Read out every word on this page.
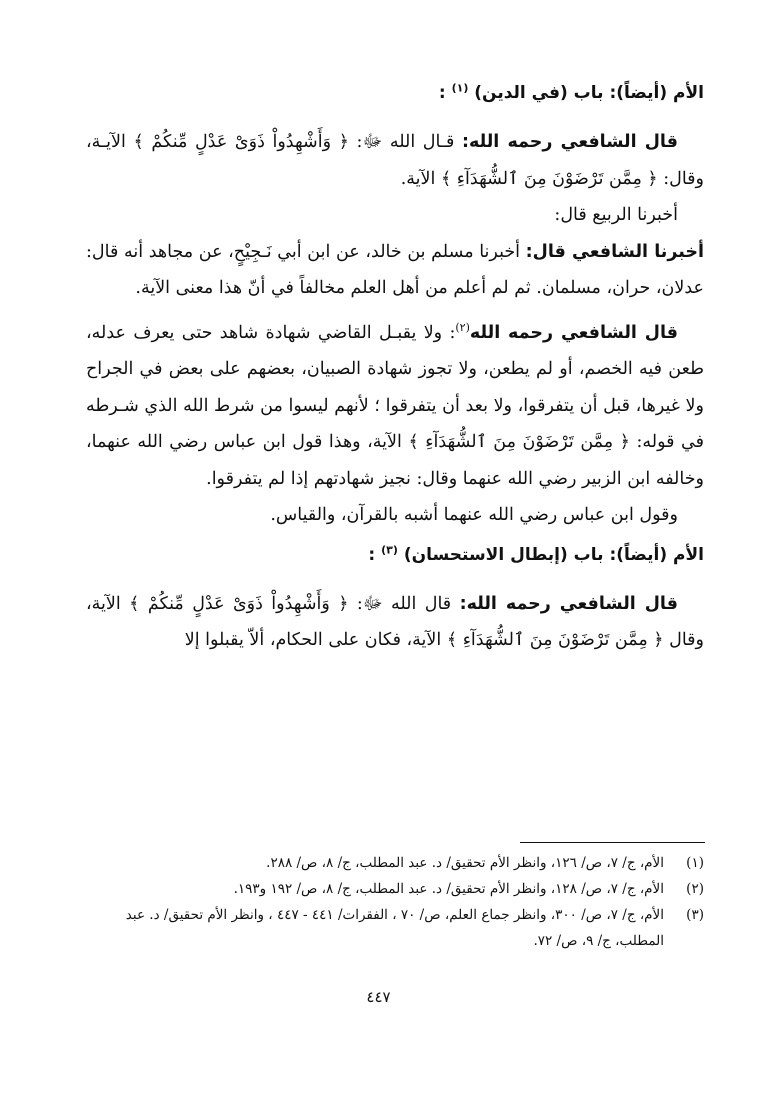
الأم (أيضاً): باب (في الدين) $^{(١)}$ :

قال الشافعي رحمه الله: قـال الله ﷻ: ﴿ وَأَشْهِدُواْ ذَوَىْ عَدْلٍ مِّنكُمْ ﴾ الآيـة، وقال: ﴿ مِمَّن تَرْضَوْنَ مِنَ ٱلشُّهَدَآءِ ﴾ الآية.

أخبرنا الربيع قال:

أخبرنا الشافعي قال: أخبرنا مسلم بن خالد، عن ابن أبي نَـجِيْحٍ، عن مجاهد أنه قال: عدلان، حران، مسلمان. ثم لم أعلم من أهل العلم مخالفاً في أنّ هذا معنى الآية.

قال الشافعي رحمه الله$^{(٢)}$: ولا يقبـل القاضي شهادة شاهد حتى يعرف عدله، طعن فيه الخصم، أو لم يطعن، ولا تجوز شهادة الصبيان، بعضهم على بعض في الجراح ولا غيرها، قبل أن يتفرقوا، ولا بعد أن يتفرقوا ؛ لأنهم ليسوا من شرط الله الذي شـرطه في قوله: ﴿ مِمَّن تَرْضَوْنَ مِنَ ٱلشُّهَدَآءِ ﴾ الآية، وهذا قول ابن عباس رضي الله عنهما، وخالفه ابن الزبير رضي الله عنهما وقال: نجيز شهادتهم إذا لم يتفرقوا.

وقول ابن عباس رضي الله عنهما أشبه بالقرآن، والقياس.

الأم (أيضاً): باب (إبطال الاستحسان) $^{(٣)}$ :

قال الشافعي رحمه الله: قال الله ﷻ: ﴿ وَأَشْهِدُواْ ذَوَىْ عَدْلٍ مِّنكُمْ ﴾ الآية، وقال ﴿ مِمَّن تَرْضَوْنَ مِنَ ٱلشُّهَدَآءِ ﴾ الآية، فكان على الحكام، ألاّ يقبلوا إلا

(١)
الأم، ج/ ٧، ص/ ١٢٦، وانظر الأم تحقيق/ د. عبد المطلب، ج/ ٨، ص/ ٢٨٨.
(٢)
الأم، ج/ ٧، ص/ ١٢٨، وانظر الأم تحقيق/ د. عبد المطلب، ج/ ٨، ص/ ١٩٢ و١٩٣.
(٣)
الأم، ج/ ٧، ص/ ٣٠٠، وانظر جماع العلم، ص/ ٧٠ ، الفقرات/ ٤٤١ - ٤٤٧ ، وانظر الأم تحقيق/ د. عبد المطلب، ج/ ٩، ص/ ٧٢.
٤٤٧
